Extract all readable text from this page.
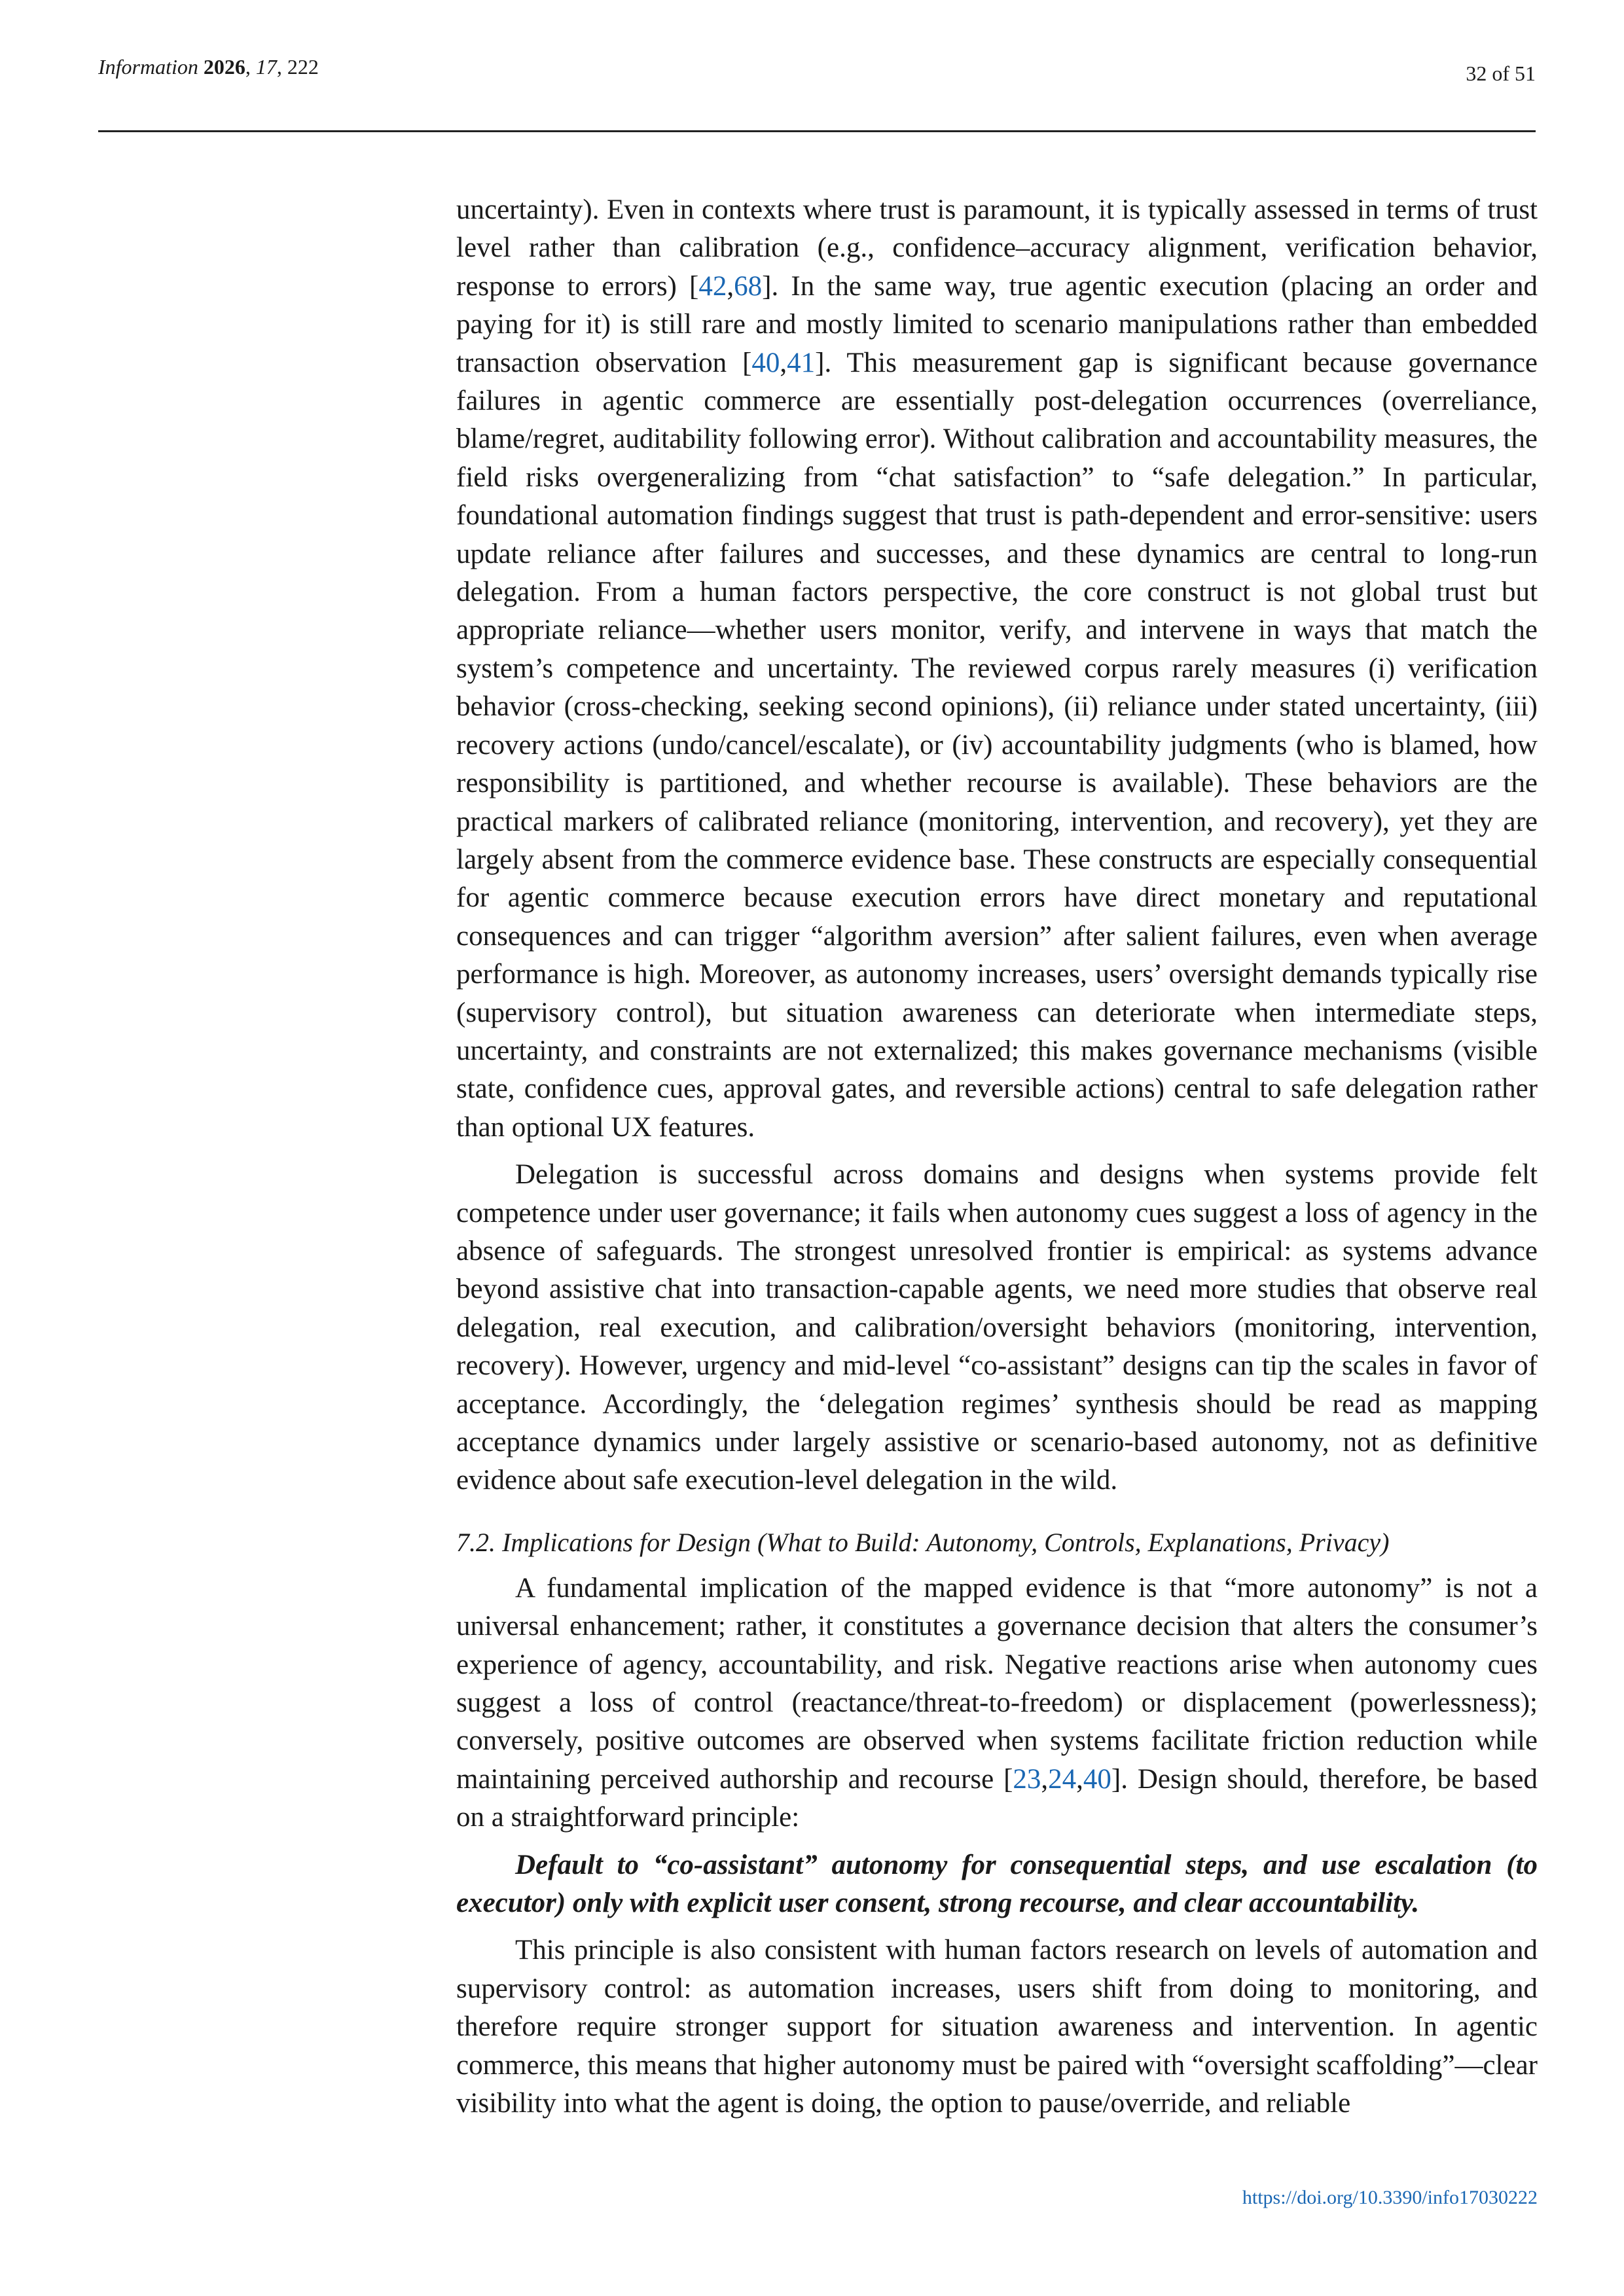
Information 2026, 17, 222	32 of 51

uncertainty). Even in contexts where trust is paramount, it is typically assessed in terms of trust level rather than calibration (e.g., confidence–accuracy alignment, verification behavior, response to errors) [42,68]. In the same way, true agentic execution (placing an order and paying for it) is still rare and mostly limited to scenario manipulations rather than embedded transaction observation [40,41]. This measurement gap is significant because governance failures in agentic commerce are essentially post-delegation occurrences (overreliance, blame/regret, auditability following error). Without calibration and accountability measures, the field risks overgeneralizing from “chat satisfaction” to “safe delegation.” In particular, foundational automation findings suggest that trust is path-dependent and error-sensitive: users update reliance after failures and successes, and these dynamics are central to long-run delegation. From a human factors perspective, the core construct is not global trust but appropriate reliance—whether users monitor, verify, and intervene in ways that match the system’s competence and uncertainty. The reviewed corpus rarely measures (i) verification behavior (cross-checking, seeking second opinions), (ii) reliance under stated uncertainty, (iii) recovery actions (undo/cancel/escalate), or (iv) accountability judgments (who is blamed, how responsibility is partitioned, and whether recourse is available). These behaviors are the practical markers of calibrated reliance (monitoring, intervention, and recovery), yet they are largely absent from the commerce evidence base. These constructs are especially consequential for agentic commerce because execution errors have direct monetary and reputational consequences and can trigger “algorithm aversion” after salient failures, even when average performance is high. Moreover, as autonomy increases, users’ oversight demands typically rise (supervisory control), but situation awareness can deteriorate when intermediate steps, uncertainty, and constraints are not externalized; this makes governance mechanisms (visible state, confidence cues, approval gates, and reversible actions) central to safe delegation rather than optional UX features.

Delegation is successful across domains and designs when systems provide felt competence under user governance; it fails when autonomy cues suggest a loss of agency in the absence of safeguards. The strongest unresolved frontier is empirical: as systems advance beyond assistive chat into transaction-capable agents, we need more studies that observe real delegation, real execution, and calibration/oversight behaviors (monitoring, intervention, recovery). However, urgency and mid-level “co-assistant” designs can tip the scales in favor of acceptance. Accordingly, the ‘delegation regimes’ synthesis should be read as mapping acceptance dynamics under largely assistive or scenario-based autonomy, not as definitive evidence about safe execution-level delegation in the wild.

7.2. Implications for Design (What to Build: Autonomy, Controls, Explanations, Privacy)

A fundamental implication of the mapped evidence is that “more autonomy” is not a universal enhancement; rather, it constitutes a governance decision that alters the consumer’s experience of agency, accountability, and risk. Negative reactions arise when autonomy cues suggest a loss of control (reactance/threat-to-freedom) or displacement (powerlessness); conversely, positive outcomes are observed when systems facilitate friction reduction while maintaining perceived authorship and recourse [23,24,40]. Design should, therefore, be based on a straightforward principle:

Default to “co-assistant” autonomy for consequential steps, and use escalation (to executor) only with explicit user consent, strong recourse, and clear accountability.

This principle is also consistent with human factors research on levels of automation and supervisory control: as automation increases, users shift from doing to monitoring, and therefore require stronger support for situation awareness and intervention. In agentic commerce, this means that higher autonomy must be paired with “oversight scaffolding”—clear visibility into what the agent is doing, the option to pause/override, and reliable

https://doi.org/10.3390/info17030222
